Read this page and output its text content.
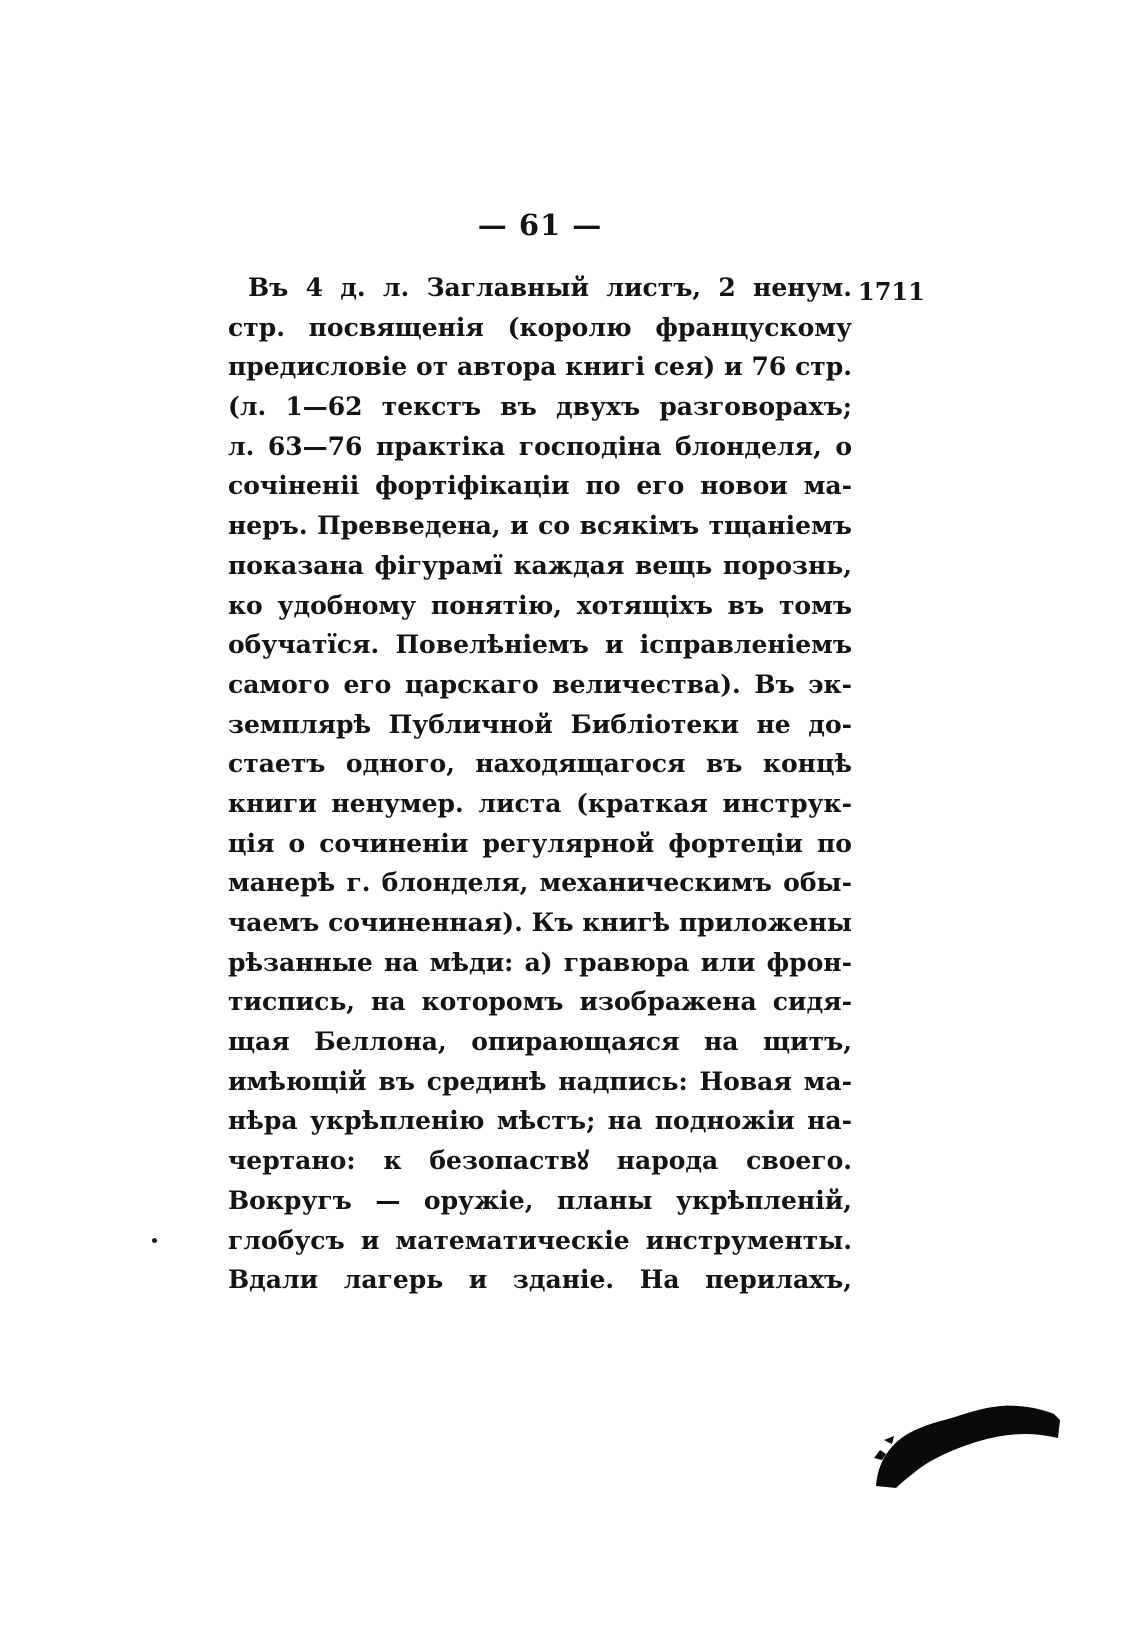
— 61 —
1711
Въ 4 д. л. Заглавный листъ, 2 ненум.
стр. посвященія (королю францускому
предисловіе от автора книгі сея) и 76 стр.
(л. 1—62 текстъ въ двухъ разговорахъ;
л. 63—76 практіка господіна блонделя, о
сочіненіі фортіфікаціи по его новои ма-
неръ. Превведена, и со всякімъ тщаніемъ
показана фігурамї каждая вещь порознь,
ко удобному понятію, хотящіхъ въ томъ
обучатїся. Повелѣніемъ и ісправленіемъ
самого его царскаго величества). Въ эк-
земплярѣ Публичной Библіотеки не до-
стаетъ одного, находящагося въ концѣ
книги ненумер. листа (краткая инструк-
ція о сочиненіи регулярной фортеціи по
манерѣ г. блонделя, механическимъ обы-
чаемъ сочиненная). Къ книгѣ приложены
рѣзанные на мѣди: а) гравюра или фрон-
тиспись, на которомъ изображена сидя-
щая Беллона, опирающаяся на щитъ,
имѣющій въ срединѣ надпись: Новая ма-
нѣра укрѣпленію мѣстъ; на подножіи на-
чертано: к безопаствꙋ народа своего.
Вокругъ — оружіе, планы укрѣпленій,
глобусъ и математическіе инструменты.
Вдали лагерь и зданіе. На перилахъ,
